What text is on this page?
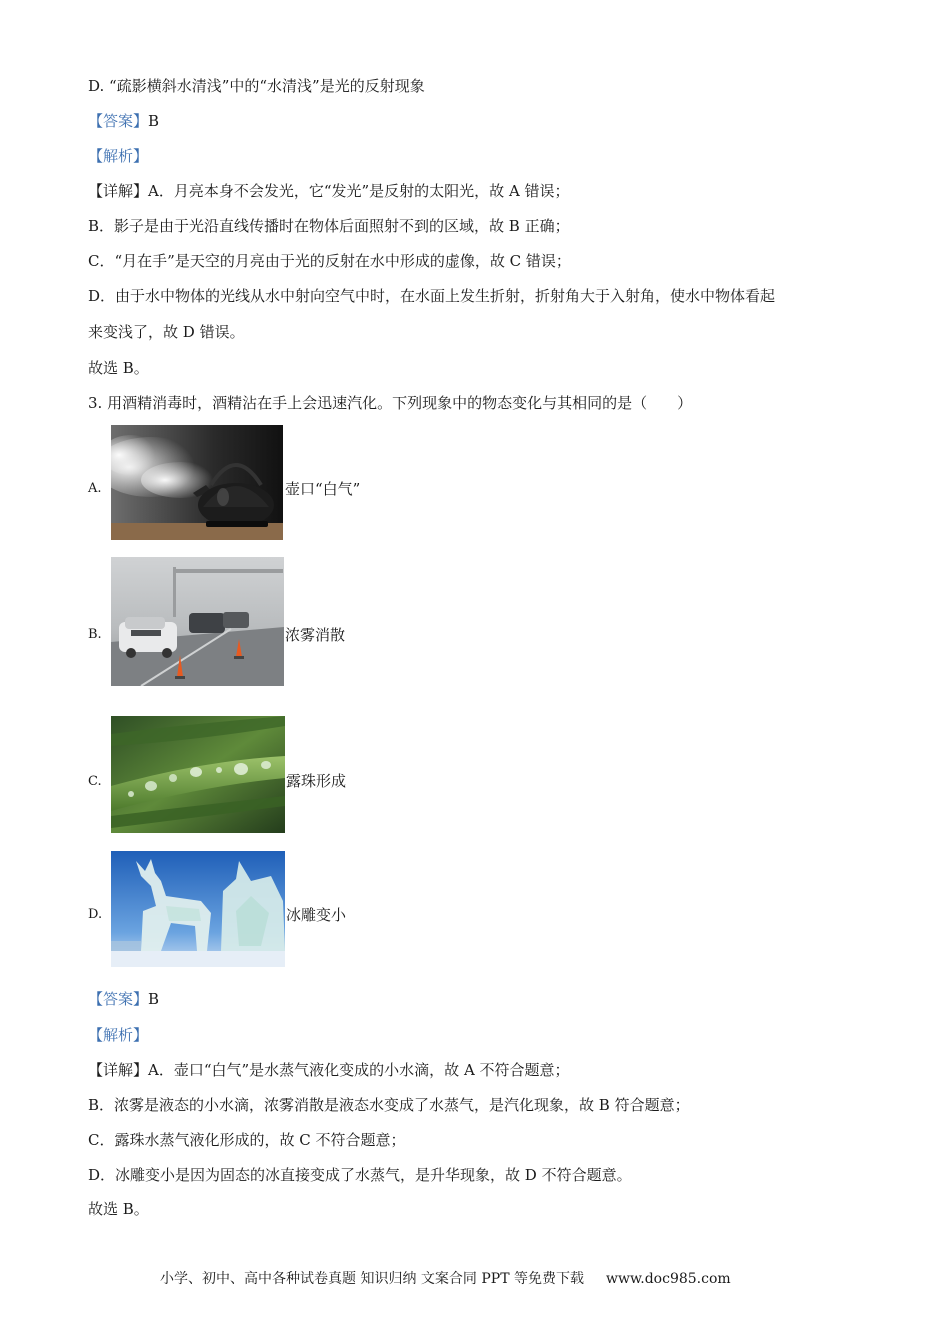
D. “疏影横斜水清浅”中的“水清浅”是光的反射现象
【答案】B
【解析】
【详解】A．月亮本身不会发光，它“发光”是反射的太阳光，故 A 错误；
B．影子是由于光沿直线传播时在物体后面照射不到的区域，故 B 正确；
C．“月在手”是天空的月亮由于光的反射在水中形成的虚像，故 C 错误；
D．由于水中物体的光线从水中射向空气中时，在水面上发生折射，折射角大于入射角，使水中物体看起
来变浅了，故 D 错误。
故选 B。
3. 用酒精消毒时，酒精沾在手上会迅速汽化。下列现象中的物态变化与其相同的是（　　）
A.	壶口“白气”
B.	浓雾消散
C.	露珠形成
D.	冰雕变小
【答案】B
【解析】
【详解】A．壶口“白气”是水蒸气液化变成的小水滴，故 A 不符合题意；
B．浓雾是液态的小水滴，浓雾消散是液态水变成了水蒸气，是汽化现象，故 B 符合题意；
C．露珠水蒸气液化形成的，故 C 不符合题意；
D．冰雕变小是因为固态的冰直接变成了水蒸气，是升华现象，故 D 不符合题意。
故选 B。
小学、初中、高中各种试卷真题 知识归纳 文案合同 PPT 等免费下载 www.doc985.com
